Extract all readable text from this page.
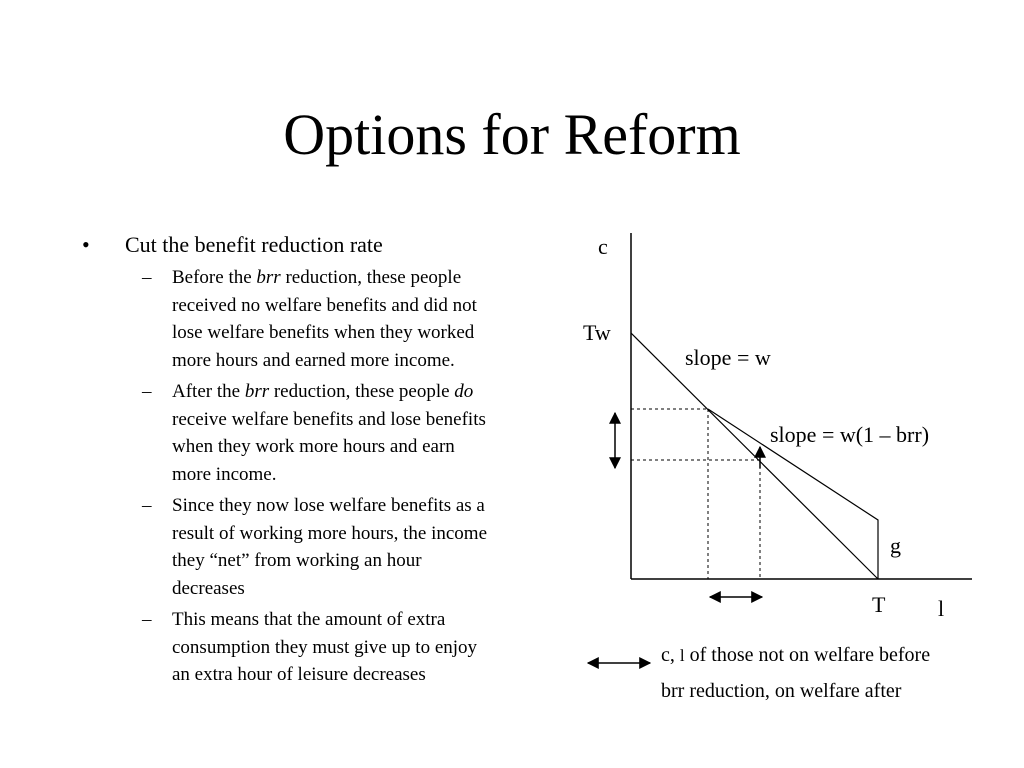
Options for Reform
• Cut the benefit reduction rate
– Before the brr reduction, these people received no welfare benefits and did not lose welfare benefits when they worked more hours and earned more income.
– After the brr reduction, these people do receive welfare benefits and lose benefits when they work more hours and earn more income.
– Since they now lose welfare benefits as a result of working more hours, the income they “net” from working an hour decreases
– This means that the amount of extra consumption they must give up to enjoy an extra hour of leisure decreases
c
Tw
slope = w
slope = w(1 – brr)
g
T l
c, l of those not on welfare before
brr reduction, on welfare after
